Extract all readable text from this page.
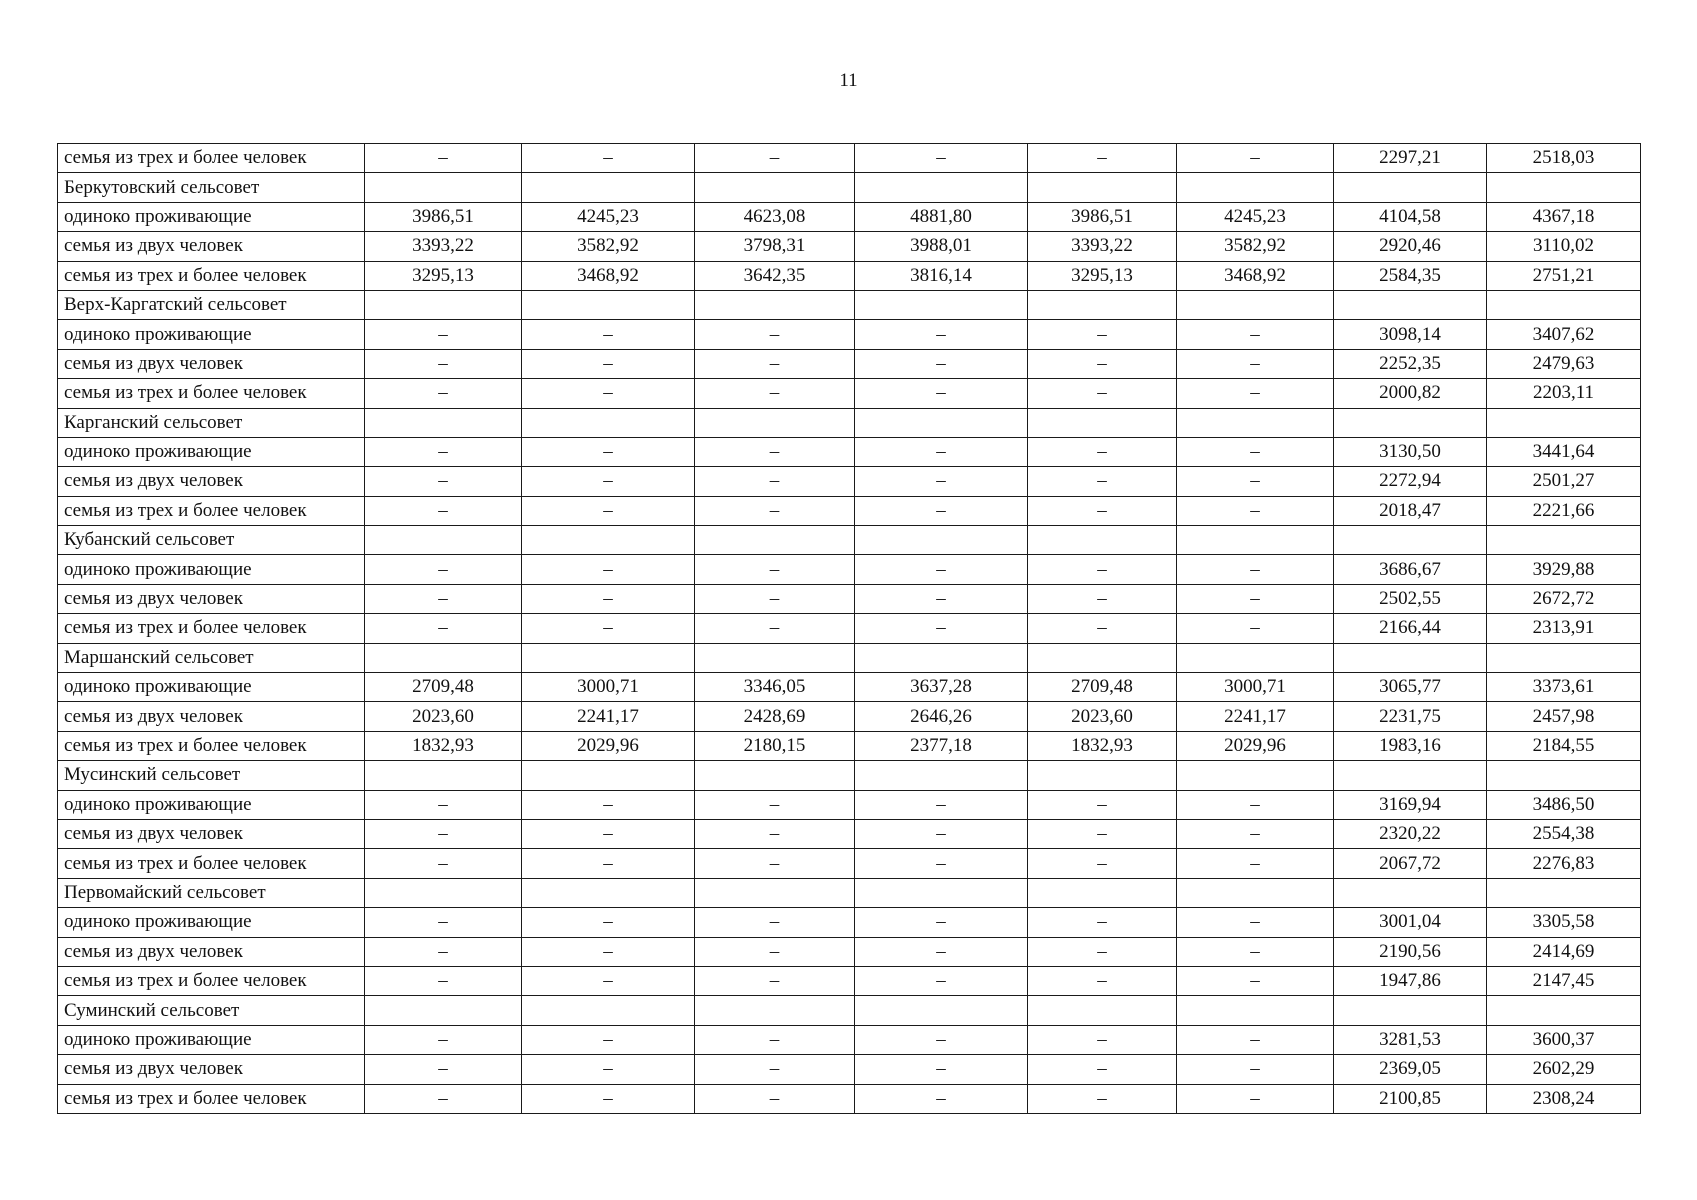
11
семья из трех и более человек	–	–	–	–	–	–	2297,21	2518,03
Беркутовский сельсовет								
одиноко проживающие	3986,51	4245,23	4623,08	4881,80	3986,51	4245,23	4104,58	4367,18
семья из двух человек	3393,22	3582,92	3798,31	3988,01	3393,22	3582,92	2920,46	3110,02
семья из трех и более человек	3295,13	3468,92	3642,35	3816,14	3295,13	3468,92	2584,35	2751,21
Верх-Каргатский сельсовет								
одиноко проживающие	–	–	–	–	–	–	3098,14	3407,62
семья из двух человек	–	–	–	–	–	–	2252,35	2479,63
семья из трех и более человек	–	–	–	–	–	–	2000,82	2203,11
Карганский сельсовет								
одиноко проживающие	–	–	–	–	–	–	3130,50	3441,64
семья из двух человек	–	–	–	–	–	–	2272,94	2501,27
семья из трех и более человек	–	–	–	–	–	–	2018,47	2221,66
Кубанский сельсовет								
одиноко проживающие	–	–	–	–	–	–	3686,67	3929,88
семья из двух человек	–	–	–	–	–	–	2502,55	2672,72
семья из трех и более человек	–	–	–	–	–	–	2166,44	2313,91
Маршанский сельсовет								
одиноко проживающие	2709,48	3000,71	3346,05	3637,28	2709,48	3000,71	3065,77	3373,61
семья из двух человек	2023,60	2241,17	2428,69	2646,26	2023,60	2241,17	2231,75	2457,98
семья из трех и более человек	1832,93	2029,96	2180,15	2377,18	1832,93	2029,96	1983,16	2184,55
Мусинский сельсовет								
одиноко проживающие	–	–	–	–	–	–	3169,94	3486,50
семья из двух человек	–	–	–	–	–	–	2320,22	2554,38
семья из трех и более человек	–	–	–	–	–	–	2067,72	2276,83
Первомайский сельсовет								
одиноко проживающие	–	–	–	–	–	–	3001,04	3305,58
семья из двух человек	–	–	–	–	–	–	2190,56	2414,69
семья из трех и более человек	–	–	–	–	–	–	1947,86	2147,45
Суминский сельсовет								
одиноко проживающие	–	–	–	–	–	–	3281,53	3600,37
семья из двух человек	–	–	–	–	–	–	2369,05	2602,29
семья из трех и более человек	–	–	–	–	–	–	2100,85	2308,24
